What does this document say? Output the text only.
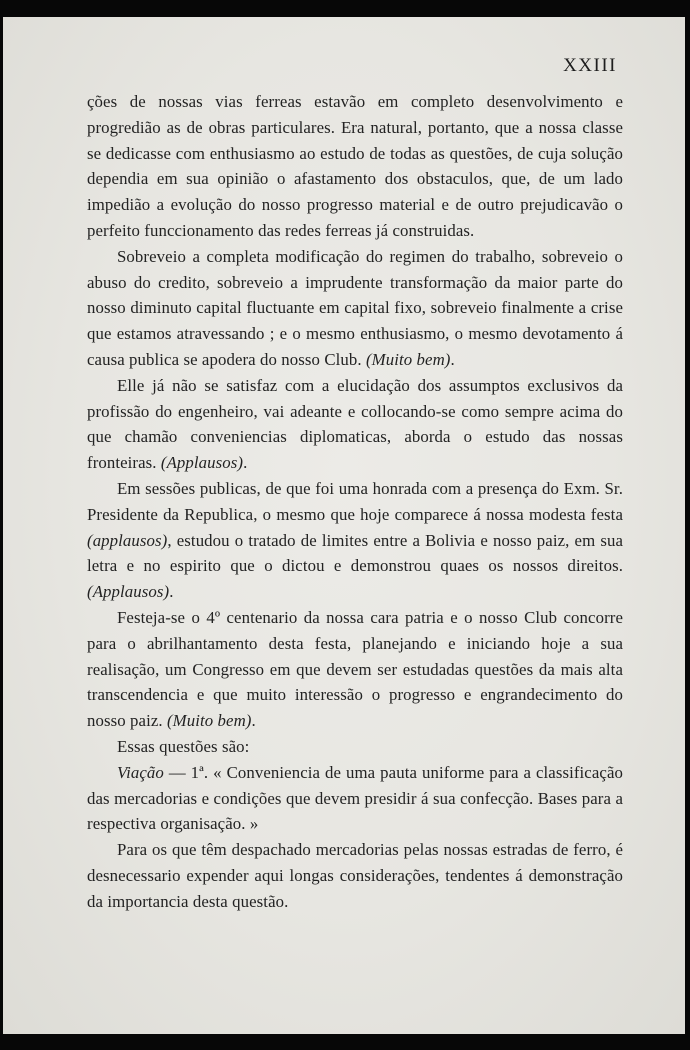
XXIII

ções de nossas vias ferreas estavão em completo desenvolvimento e progredião as de obras particulares. Era natural, portanto, que a nossa classe se dedicasse com enthusiasmo ao estudo de todas as questões, de cuja solução dependia em sua opinião o afastamento dos obstaculos, que, de um lado impedião a evolução do nosso progresso material e de outro prejudicavão o perfeito funccionamento das redes ferreas já construidas.

Sobreveio a completa modificação do regimen do trabalho, sobreveio o abuso do credito, sobreveio a imprudente transformação da maior parte do nosso diminuto capital fluctuante em capital fixo, sobreveio finalmente a crise que estamos atravessando ; e o mesmo enthusiasmo, o mesmo devotamento á causa publica se apodera do nosso Club. (Muito bem).

Elle já não se satisfaz com a elucidação dos assumptos exclusivos da profissão do engenheiro, vai adeante e collocando-se como sempre acima do que chamão conveniencias diplomaticas, aborda o estudo das nossas fronteiras. (Applausos).

Em sessões publicas, de que foi uma honrada com a presença do Exm. Sr. Presidente da Republica, o mesmo que hoje comparece á nossa modesta festa (applausos), estudou o tratado de limites entre a Bolivia e nosso paiz, em sua letra e no espirito que o dictou e demonstrou quaes os nossos direitos. (Applausos).

Festeja-se o 4º centenario da nossa cara patria e o nosso Club concorre para o abrilhantamento desta festa, planejando e iniciando hoje a sua realisação, um Congresso em que devem ser estudadas questões da mais alta transcendencia e que muito interessão o progresso e engrandecimento do nosso paiz. (Muito bem).

Essas questões são:

Viação — 1ª. « Conveniencia de uma pauta uniforme para a classificação das mercadorias e condições que devem presidir á sua confecção. Bases para a respectiva organisação. »

Para os que têm despachado mercadorias pelas nossas estradas de ferro, é desnecessario expender aqui longas considerações, tendentes á demonstração da importancia desta questão.
